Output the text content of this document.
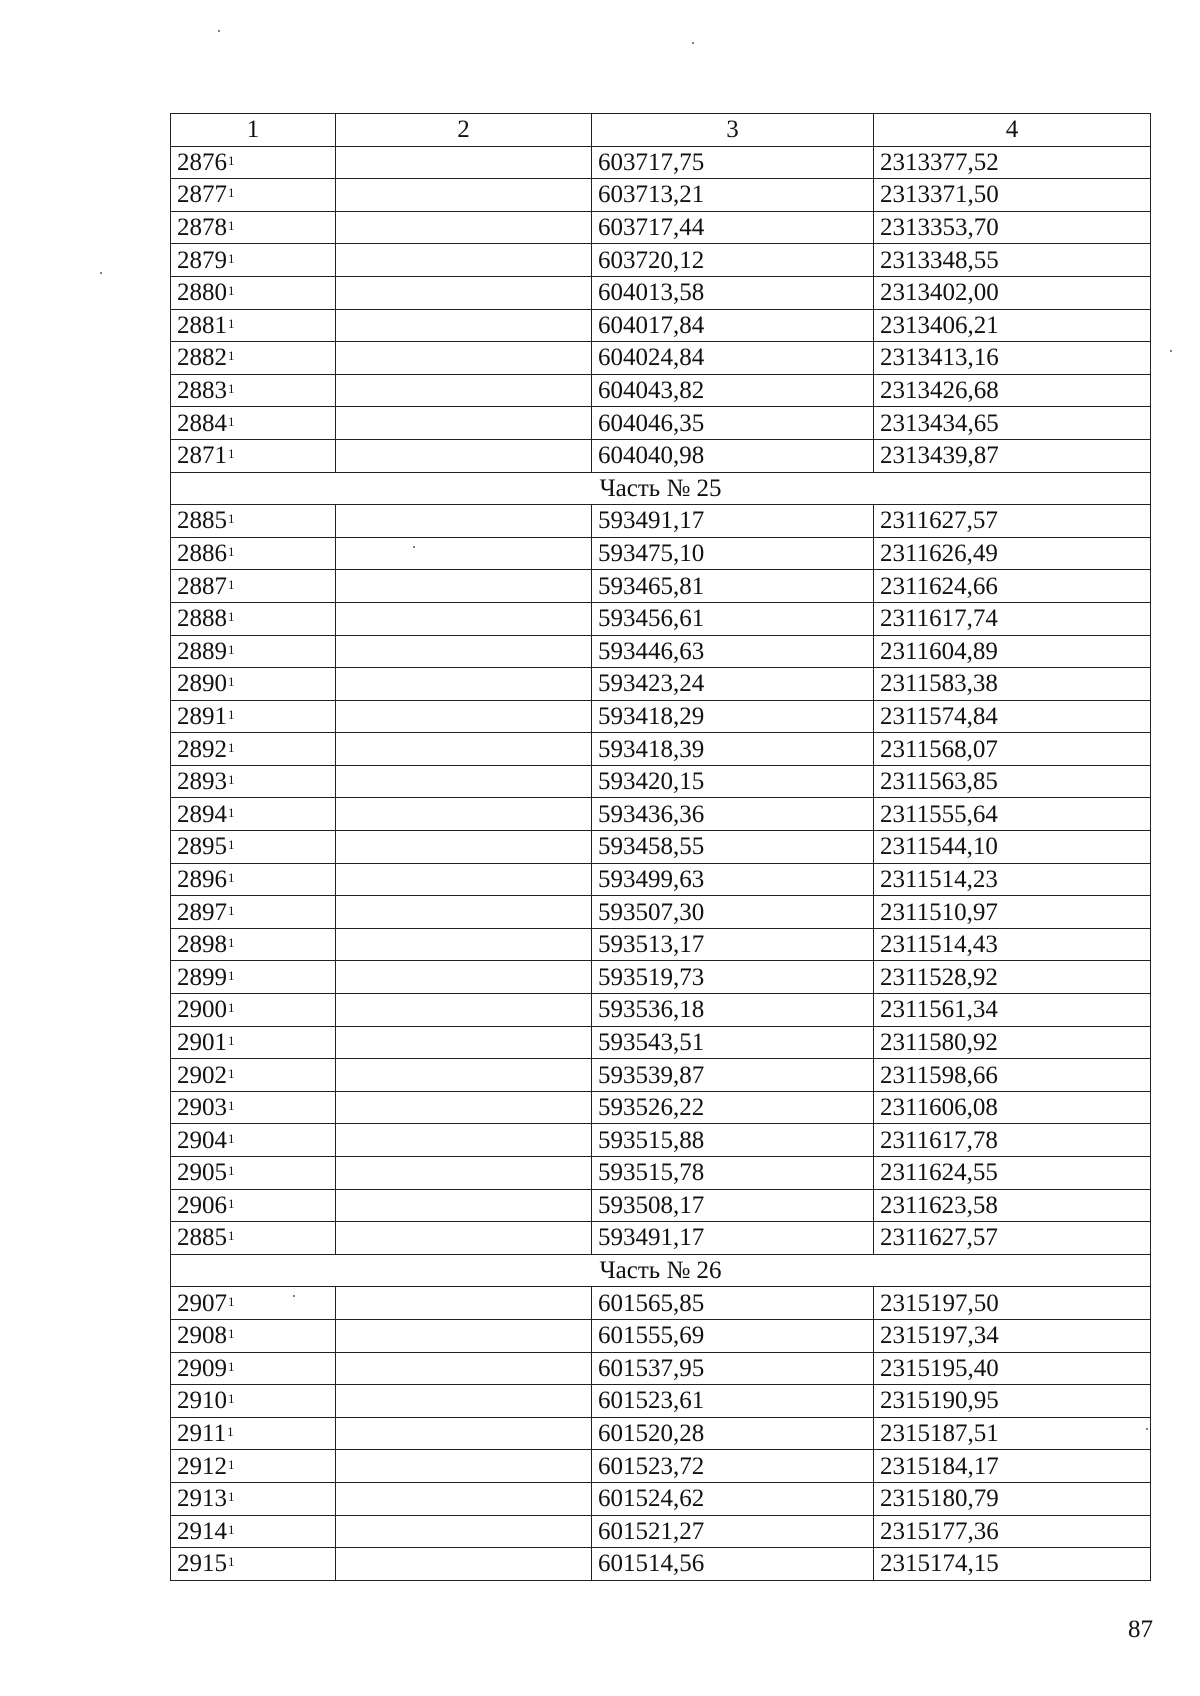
1	2	3	4
2876$^1$		603717,75	2313377,52
2877$^1$		603713,21	2313371,50
2878$^1$		603717,44	2313353,70
2879$^1$		603720,12	2313348,55
2880$^1$		604013,58	2313402,00
2881$^1$		604017,84	2313406,21
2882$^1$		604024,84	2313413,16
2883$^1$		604043,82	2313426,68
2884$^1$		604046,35	2313434,65
2871$^1$		604040,98	2313439,87
Часть № 25			
2885$^1$		593491,17	2311627,57
2886$^1$		593475,10	2311626,49
2887$^1$		593465,81	2311624,66
2888$^1$		593456,61	2311617,74
2889$^1$		593446,63	2311604,89
2890$^1$		593423,24	2311583,38
2891$^1$		593418,29	2311574,84
2892$^1$		593418,39	2311568,07
2893$^1$		593420,15	2311563,85
2894$^1$		593436,36	2311555,64
2895$^1$		593458,55	2311544,10
2896$^1$		593499,63	2311514,23
2897$^1$		593507,30	2311510,97
2898$^1$		593513,17	2311514,43
2899$^1$		593519,73	2311528,92
2900$^1$		593536,18	2311561,34
2901$^1$		593543,51	2311580,92
2902$^1$		593539,87	2311598,66
2903$^1$		593526,22	2311606,08
2904$^1$		593515,88	2311617,78
2905$^1$		593515,78	2311624,55
2906$^1$		593508,17	2311623,58
2885$^1$		593491,17	2311627,57
Часть № 26			
2907$^1$		601565,85	2315197,50
2908$^1$		601555,69	2315197,34
2909$^1$		601537,95	2315195,40
2910$^1$		601523,61	2315190,95
2911$^1$		601520,28	2315187,51
2912$^1$		601523,72	2315184,17
2913$^1$		601524,62	2315180,79
2914$^1$		601521,27	2315177,36
2915$^1$		601514,56	2315174,15
87
